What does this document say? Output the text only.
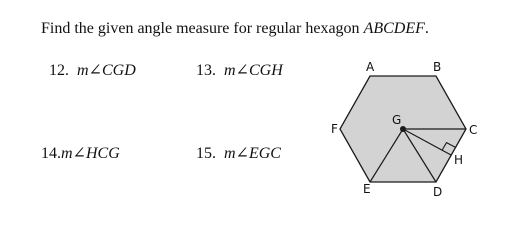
Find the given angle measure for regular hexagon ABCDEF.
12. m∠CGD	13. m∠CGH
14.m∠HCG	15. m∠EGC
A	B
C
D
E
F
G
H
